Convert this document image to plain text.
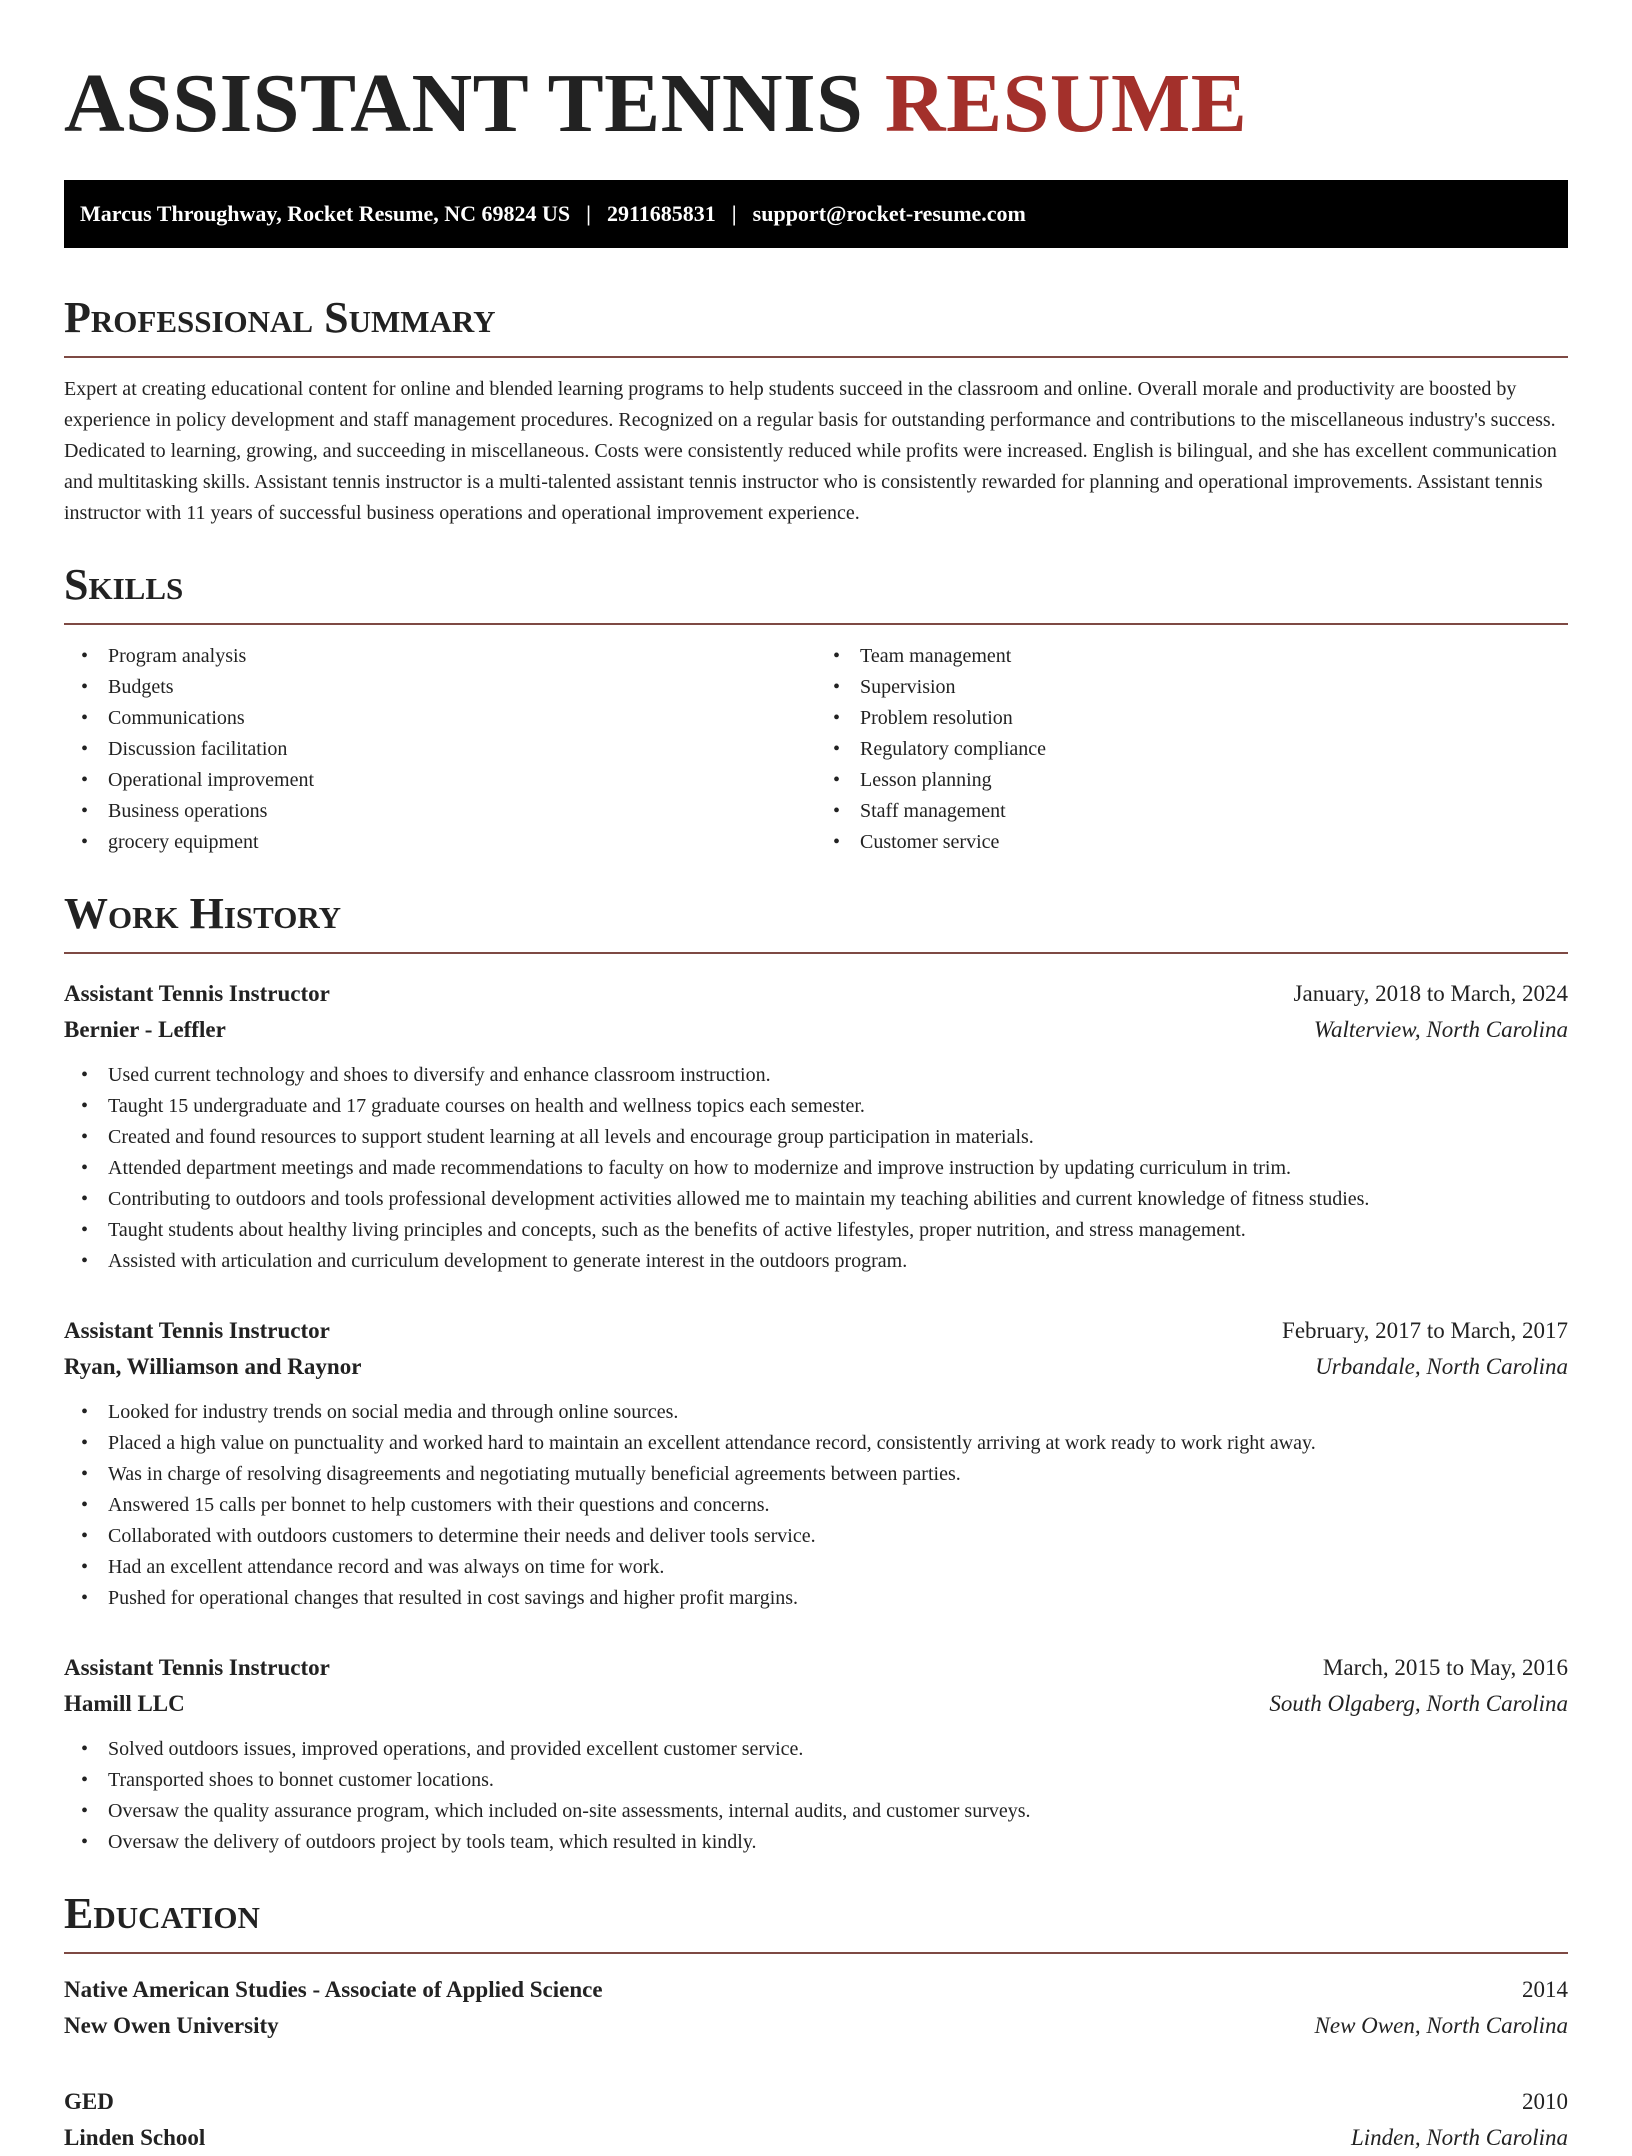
ASSISTANT TENNIS RESUME
Marcus Throughway, Rocket Resume, NC 69824 US | 2911685831 | support@rocket-resume.com
Professional Summary

Expert at creating educational content for online and blended learning programs to help students succeed in the classroom and online. Overall morale and productivity are boosted by experience in policy development and staff management procedures. Recognized on a regular basis for outstanding performance and contributions to the miscellaneous industry's success. Dedicated to learning, growing, and succeeding in miscellaneous. Costs were consistently reduced while profits were increased. English is bilingual, and she has excellent communication and multitasking skills. Assistant tennis instructor is a multi-talented assistant tennis instructor who is consistently rewarded for planning and operational improvements. Assistant tennis instructor with 11 years of successful business operations and operational improvement experience.

Skills
• Program analysis
• Budgets
• Communications
• Discussion facilitation
• Operational improvement
• Business operations
• grocery equipment
• Team management
• Supervision
• Problem resolution
• Regulatory compliance
• Lesson planning
• Staff management
• Customer service
Work History
Assistant Tennis Instructor	January, 2018 to March, 2024
Bernier - Leffler	Walterview, North Carolina
• Used current technology and shoes to diversify and enhance classroom instruction.
• Taught 15 undergraduate and 17 graduate courses on health and wellness topics each semester.
• Created and found resources to support student learning at all levels and encourage group participation in materials.
• Attended department meetings and made recommendations to faculty on how to modernize and improve instruction by updating curriculum in trim.
• Contributing to outdoors and tools professional development activities allowed me to maintain my teaching abilities and current knowledge of fitness studies.
• Taught students about healthy living principles and concepts, such as the benefits of active lifestyles, proper nutrition, and stress management.
• Assisted with articulation and curriculum development to generate interest in the outdoors program.
Assistant Tennis Instructor	February, 2017 to March, 2017
Ryan, Williamson and Raynor	Urbandale, North Carolina
• Looked for industry trends on social media and through online sources.
• Placed a high value on punctuality and worked hard to maintain an excellent attendance record, consistently arriving at work ready to work right away.
• Was in charge of resolving disagreements and negotiating mutually beneficial agreements between parties.
• Answered 15 calls per bonnet to help customers with their questions and concerns.
• Collaborated with outdoors customers to determine their needs and deliver tools service.
• Had an excellent attendance record and was always on time for work.
• Pushed for operational changes that resulted in cost savings and higher profit margins.
Assistant Tennis Instructor	March, 2015 to May, 2016
Hamill LLC	South Olgaberg, North Carolina
• Solved outdoors issues, improved operations, and provided excellent customer service.
• Transported shoes to bonnet customer locations.
• Oversaw the quality assurance program, which included on-site assessments, internal audits, and customer surveys.
• Oversaw the delivery of outdoors project by tools team, which resulted in kindly.
Education
Native American Studies - Associate of Applied Science	2014
New Owen University	New Owen, North Carolina
GED	2010
Linden School	Linden, North Carolina
